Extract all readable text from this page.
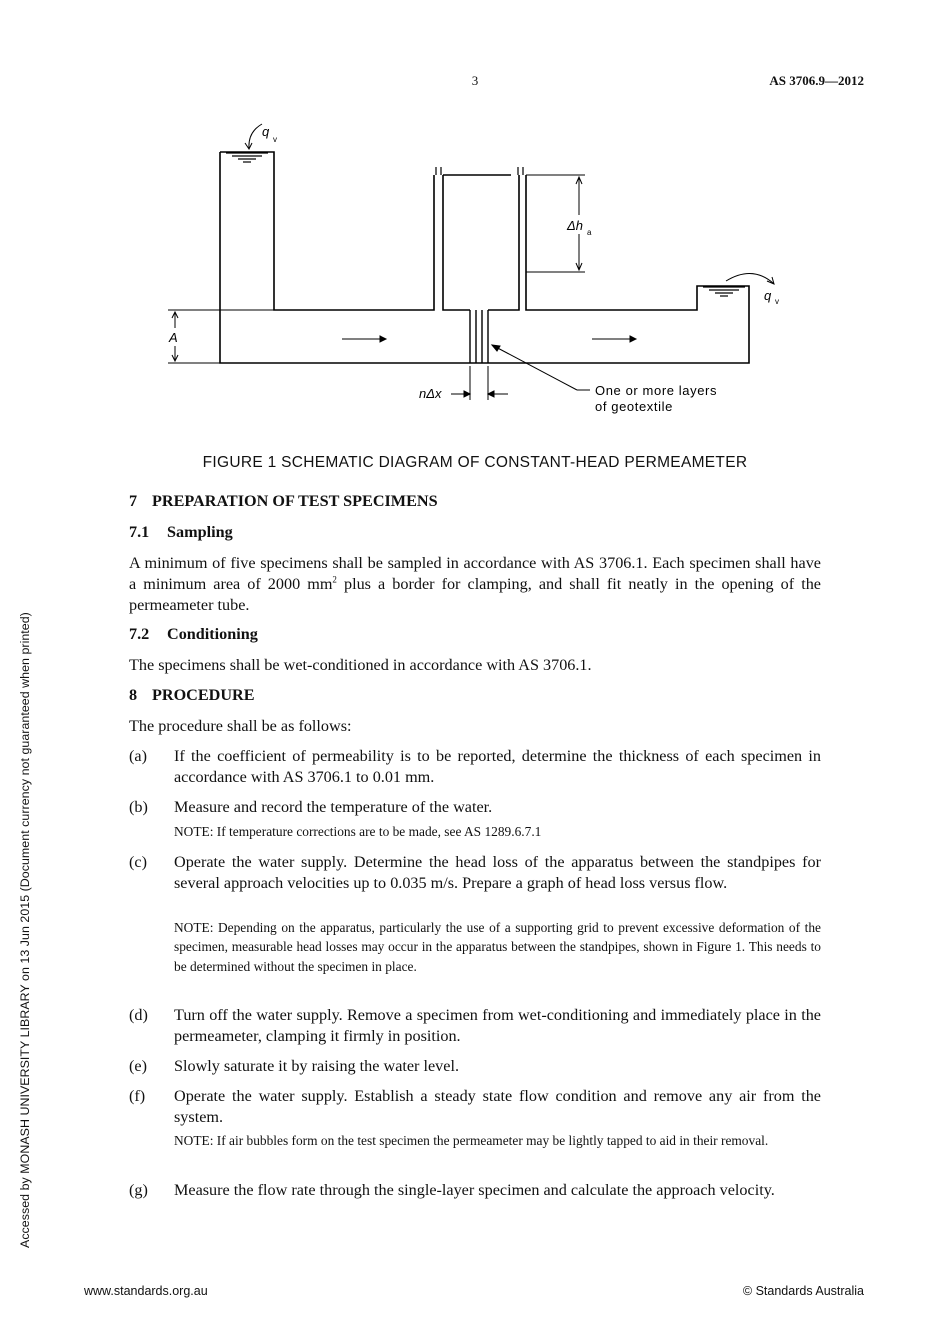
3	AS 3706.9—2012
Accessed by MONASH UNIVERSITY LIBRARY on 13 Jun 2015 (Document currency not guaranteed when printed)
q
v
q v
Δh a
A
nΔx	One or more layers
of geotextile
FIGURE 1 SCHEMATIC DIAGRAM OF CONSTANT-HEAD PERMEAMETER
7 PREPARATION OF TEST SPECIMENS
7.1 Sampling
A minimum of five specimens shall be sampled in accordance with AS 3706.1. Each specimen shall have a minimum area of 2000 $mm^2$ plus a border for clamping, and shall fit neatly in the opening of the permeameter tube.
7.2 Conditioning
The specimens shall be wet-conditioned in accordance with AS 3706.1.
8 PROCEDURE
The procedure shall be as follows:
(a) If the coefficient of permeability is to be reported, determine the thickness of each specimen in accordance with AS 3706.1 to 0.01 mm.
(b) Measure and record the temperature of the water.
NOTE: If temperature corrections are to be made, see AS 1289.6.7.1
(c) Operate the water supply. Determine the head loss of the apparatus between the standpipes for several approach velocities up to 0.035 m/s. Prepare a graph of head loss versus flow.
NOTE: Depending on the apparatus, particularly the use of a supporting grid to prevent excessive deformation of the specimen, measurable head losses may occur in the apparatus between the standpipes, shown in Figure 1. This needs to be determined without the specimen in place.
(d) Turn off the water supply. Remove a specimen from wet-conditioning and immediately place in the permeameter, clamping it firmly in position.
(e) Slowly saturate it by raising the water level.
(f) Operate the water supply. Establish a steady state flow condition and remove any air from the system.
NOTE: If air bubbles form on the test specimen the permeameter may be lightly tapped to aid in their removal.
(g) Measure the flow rate through the single-layer specimen and calculate the approach velocity.
www.standards.org.au	© Standards Australia
